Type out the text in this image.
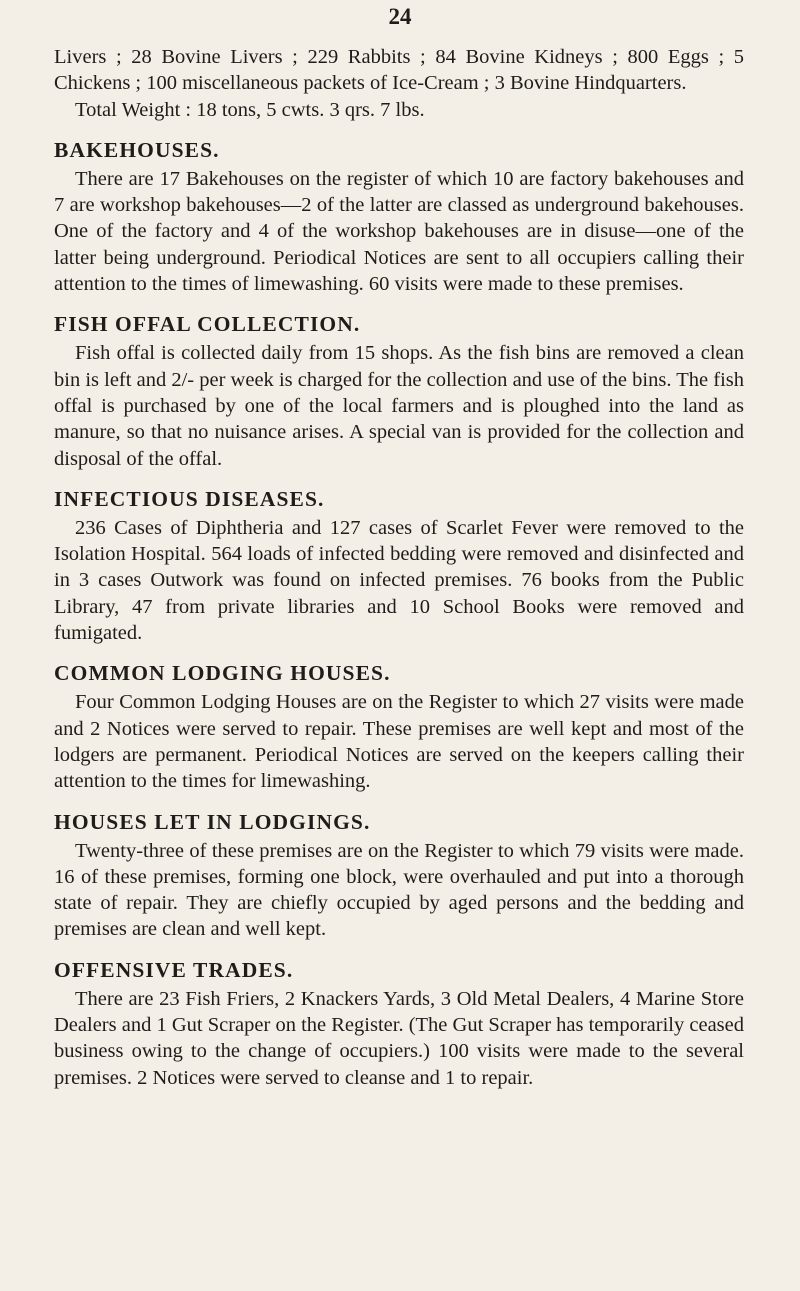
24

Livers ; 28 Bovine Livers ; 229 Rabbits ; 84 Bovine Kidneys ; 800 Eggs ; 5 Chickens ; 100 miscellaneous packets of Ice-Cream ; 3 Bovine Hindquarters.

Total Weight : 18 tons, 5 cwts. 3 qrs. 7 lbs.

BAKEHOUSES.

There are 17 Bakehouses on the register of which 10 are factory bakehouses and 7 are workshop bakehouses—2 of the latter are classed as underground bakehouses. One of the factory and 4 of the workshop bakehouses are in disuse—one of the latter being underground. Periodical Notices are sent to all occupiers calling their attention to the times of limewashing. 60 visits were made to these premises.

FISH OFFAL COLLECTION.

Fish offal is collected daily from 15 shops. As the fish bins are removed a clean bin is left and 2/- per week is charged for the collection and use of the bins. The fish offal is purchased by one of the local farmers and is ploughed into the land as manure, so that no nuisance arises. A special van is provided for the collection and disposal of the offal.

INFECTIOUS DISEASES.

236 Cases of Diphtheria and 127 cases of Scarlet Fever were removed to the Isolation Hospital. 564 loads of infected bedding were removed and disinfected and in 3 cases Outwork was found on infected premises. 76 books from the Public Library, 47 from private libraries and 10 School Books were removed and fumigated.

COMMON LODGING HOUSES.

Four Common Lodging Houses are on the Register to which 27 visits were made and 2 Notices were served to repair. These premises are well kept and most of the lodgers are permanent. Periodical Notices are served on the keepers calling their attention to the times for limewashing.

HOUSES LET IN LODGINGS.

Twenty-three of these premises are on the Register to which 79 visits were made. 16 of these premises, forming one block, were overhauled and put into a thorough state of repair. They are chiefly occupied by aged persons and the bedding and premises are clean and well kept.

OFFENSIVE TRADES.

There are 23 Fish Friers, 2 Knackers Yards, 3 Old Metal Dealers, 4 Marine Store Dealers and 1 Gut Scraper on the Register. (The Gut Scraper has temporarily ceased business owing to the change of occupiers.) 100 visits were made to the several premises. 2 Notices were served to cleanse and 1 to repair.
